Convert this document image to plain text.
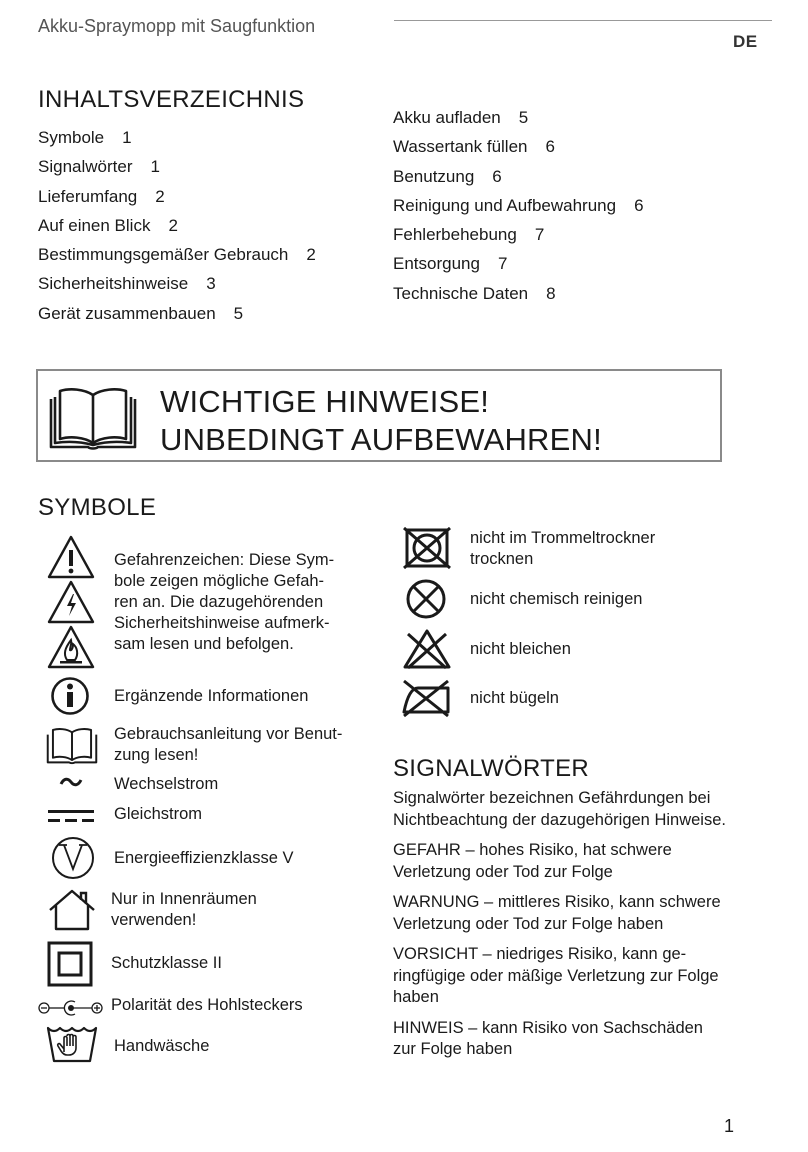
Akku-Spraymopp mit Saugfunktion
DE
INHALTSVERZEICHNIS
Symbole 1
Signalwörter 1
Lieferumfang 2
Auf einen Blick 2
Bestimmungsgemäßer Gebrauch 2
Sicherheitshinweise 3
Gerät zusammenbauen 5
Akku aufladen 5
Wassertank füllen 6
Benutzung 6
Reinigung und Aufbewahrung 6
Fehlerbehebung 7
Entsorgung 7
Technische Daten 8
WICHTIGE HINWEISE!
UNBEDINGT AUFBEWAHREN!
SYMBOLE
Gefahrenzeichen: Diese Sym-
bole zeigen mögliche Gefah-
ren an. Die dazugehörenden
Sicherheitshinweise aufmerk-
sam lesen und befolgen.
Ergänzende Informationen
Gebrauchsanleitung vor Benut-
zung lesen!
Wechselstrom
Gleichstrom
Energieeffizienzklasse V
Nur in Innenräumen
verwenden!
Schutzklasse II
Polarität des Hohlsteckers
Handwäsche
nicht im Trommeltrockner
trocknen
nicht chemisch reinigen
nicht bleichen
nicht bügeln
SIGNALWÖRTER

Signalwörter bezeichnen Gefährdungen bei Nichtbeachtung der dazugehörigen Hinweise.

GEFAHR – hohes Risiko, hat schwere Verletzung oder Tod zur Folge

WARNUNG – mittleres Risiko, kann schwere Verletzung oder Tod zur Folge haben

VORSICHT – niedriges Risiko, kann ge-ringfügige oder mäßige Verletzung zur Folge haben

HINWEIS – kann Risiko von Sachschäden zur Folge haben

1
